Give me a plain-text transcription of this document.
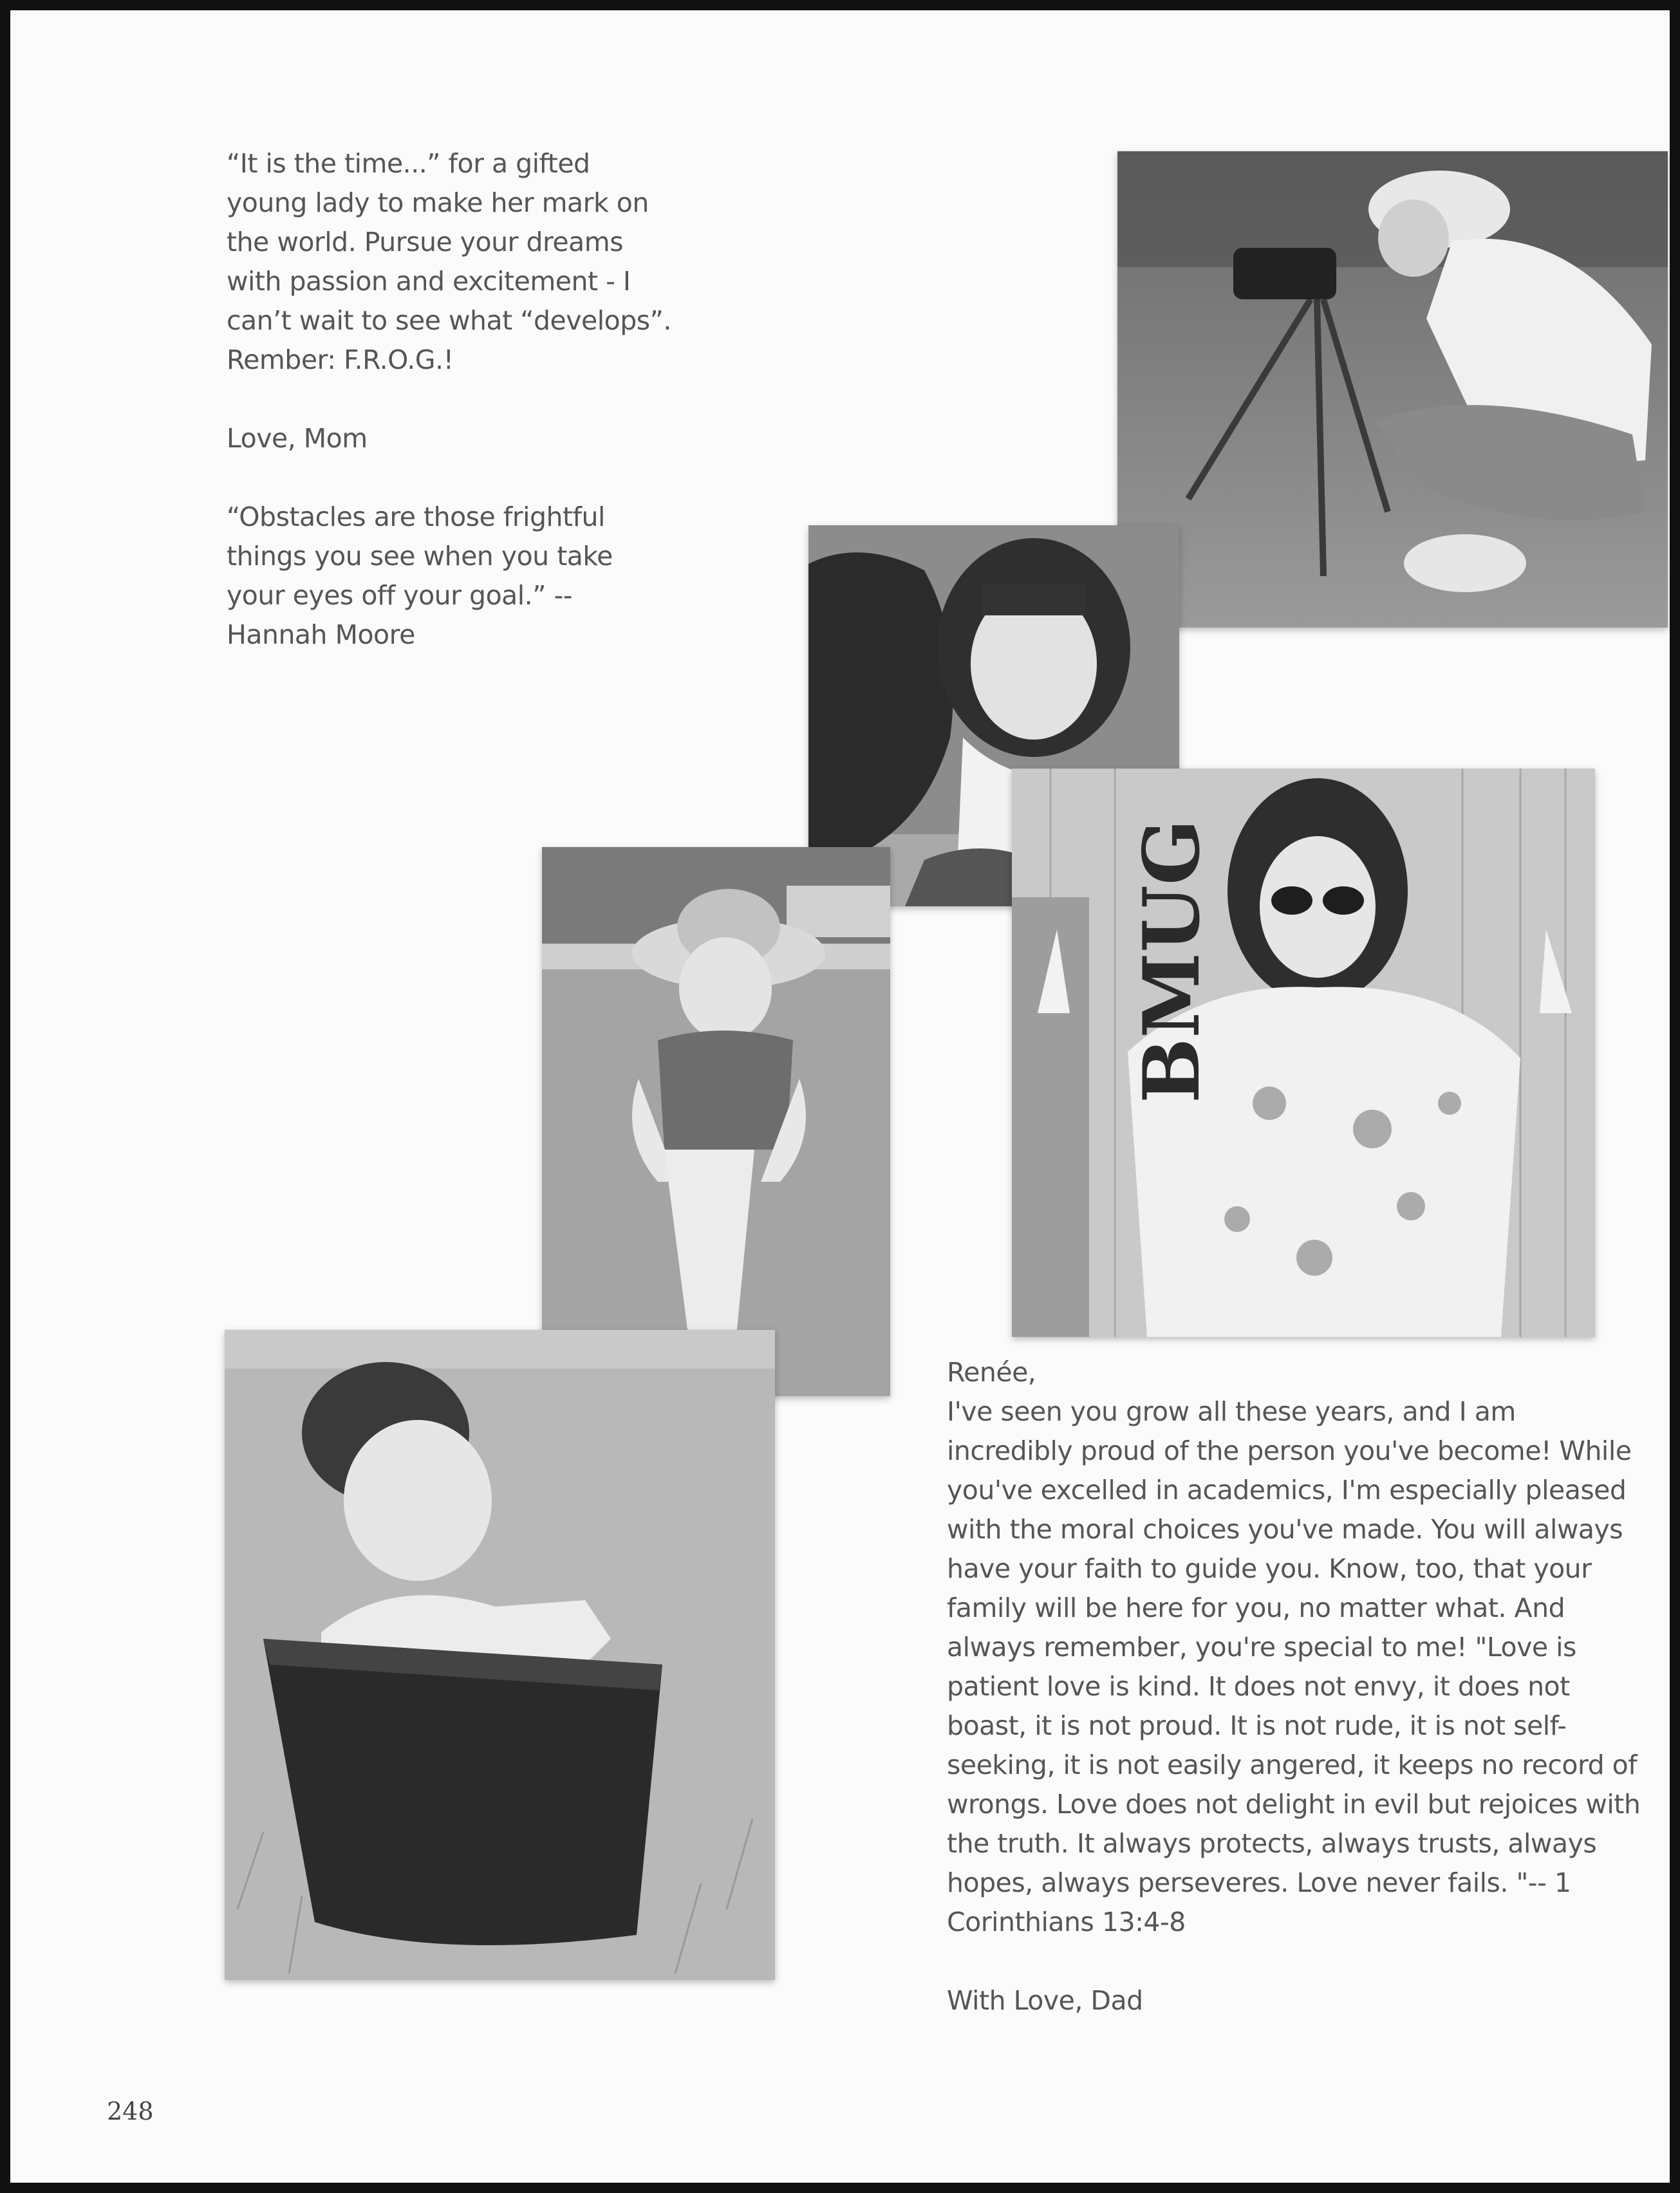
“It is the time...” for a gifted young lady to make her mark on the world. Pursue your dreams with passion and excitement - I can’t wait to see what “develops”. Rember: F.R.O.G.!

Love, Mom

“Obstacles are those frightful things you see when you take your eyes off your goal.” -- Hannah Moore

BMUG

Renée,

I've seen you grow all these years, and I am incredibly proud of the person you've become! While you've excelled in academics, I'm especially pleased with the moral choices you've made. You will always have your faith to guide you. Know, too, that your family will be here for you, no matter what. And always remember, you're special to me! "Love is patient love is kind. It does not envy, it does not boast, it is not proud. It is not rude, it is not self-seeking, it is not easily angered, it keeps no record of wrongs. Love does not delight in evil but rejoices with the truth. It always protects, always trusts, always hopes, always perseveres. Love never fails. "-- 1 Corinthians 13:4-8

With Love, Dad

248
